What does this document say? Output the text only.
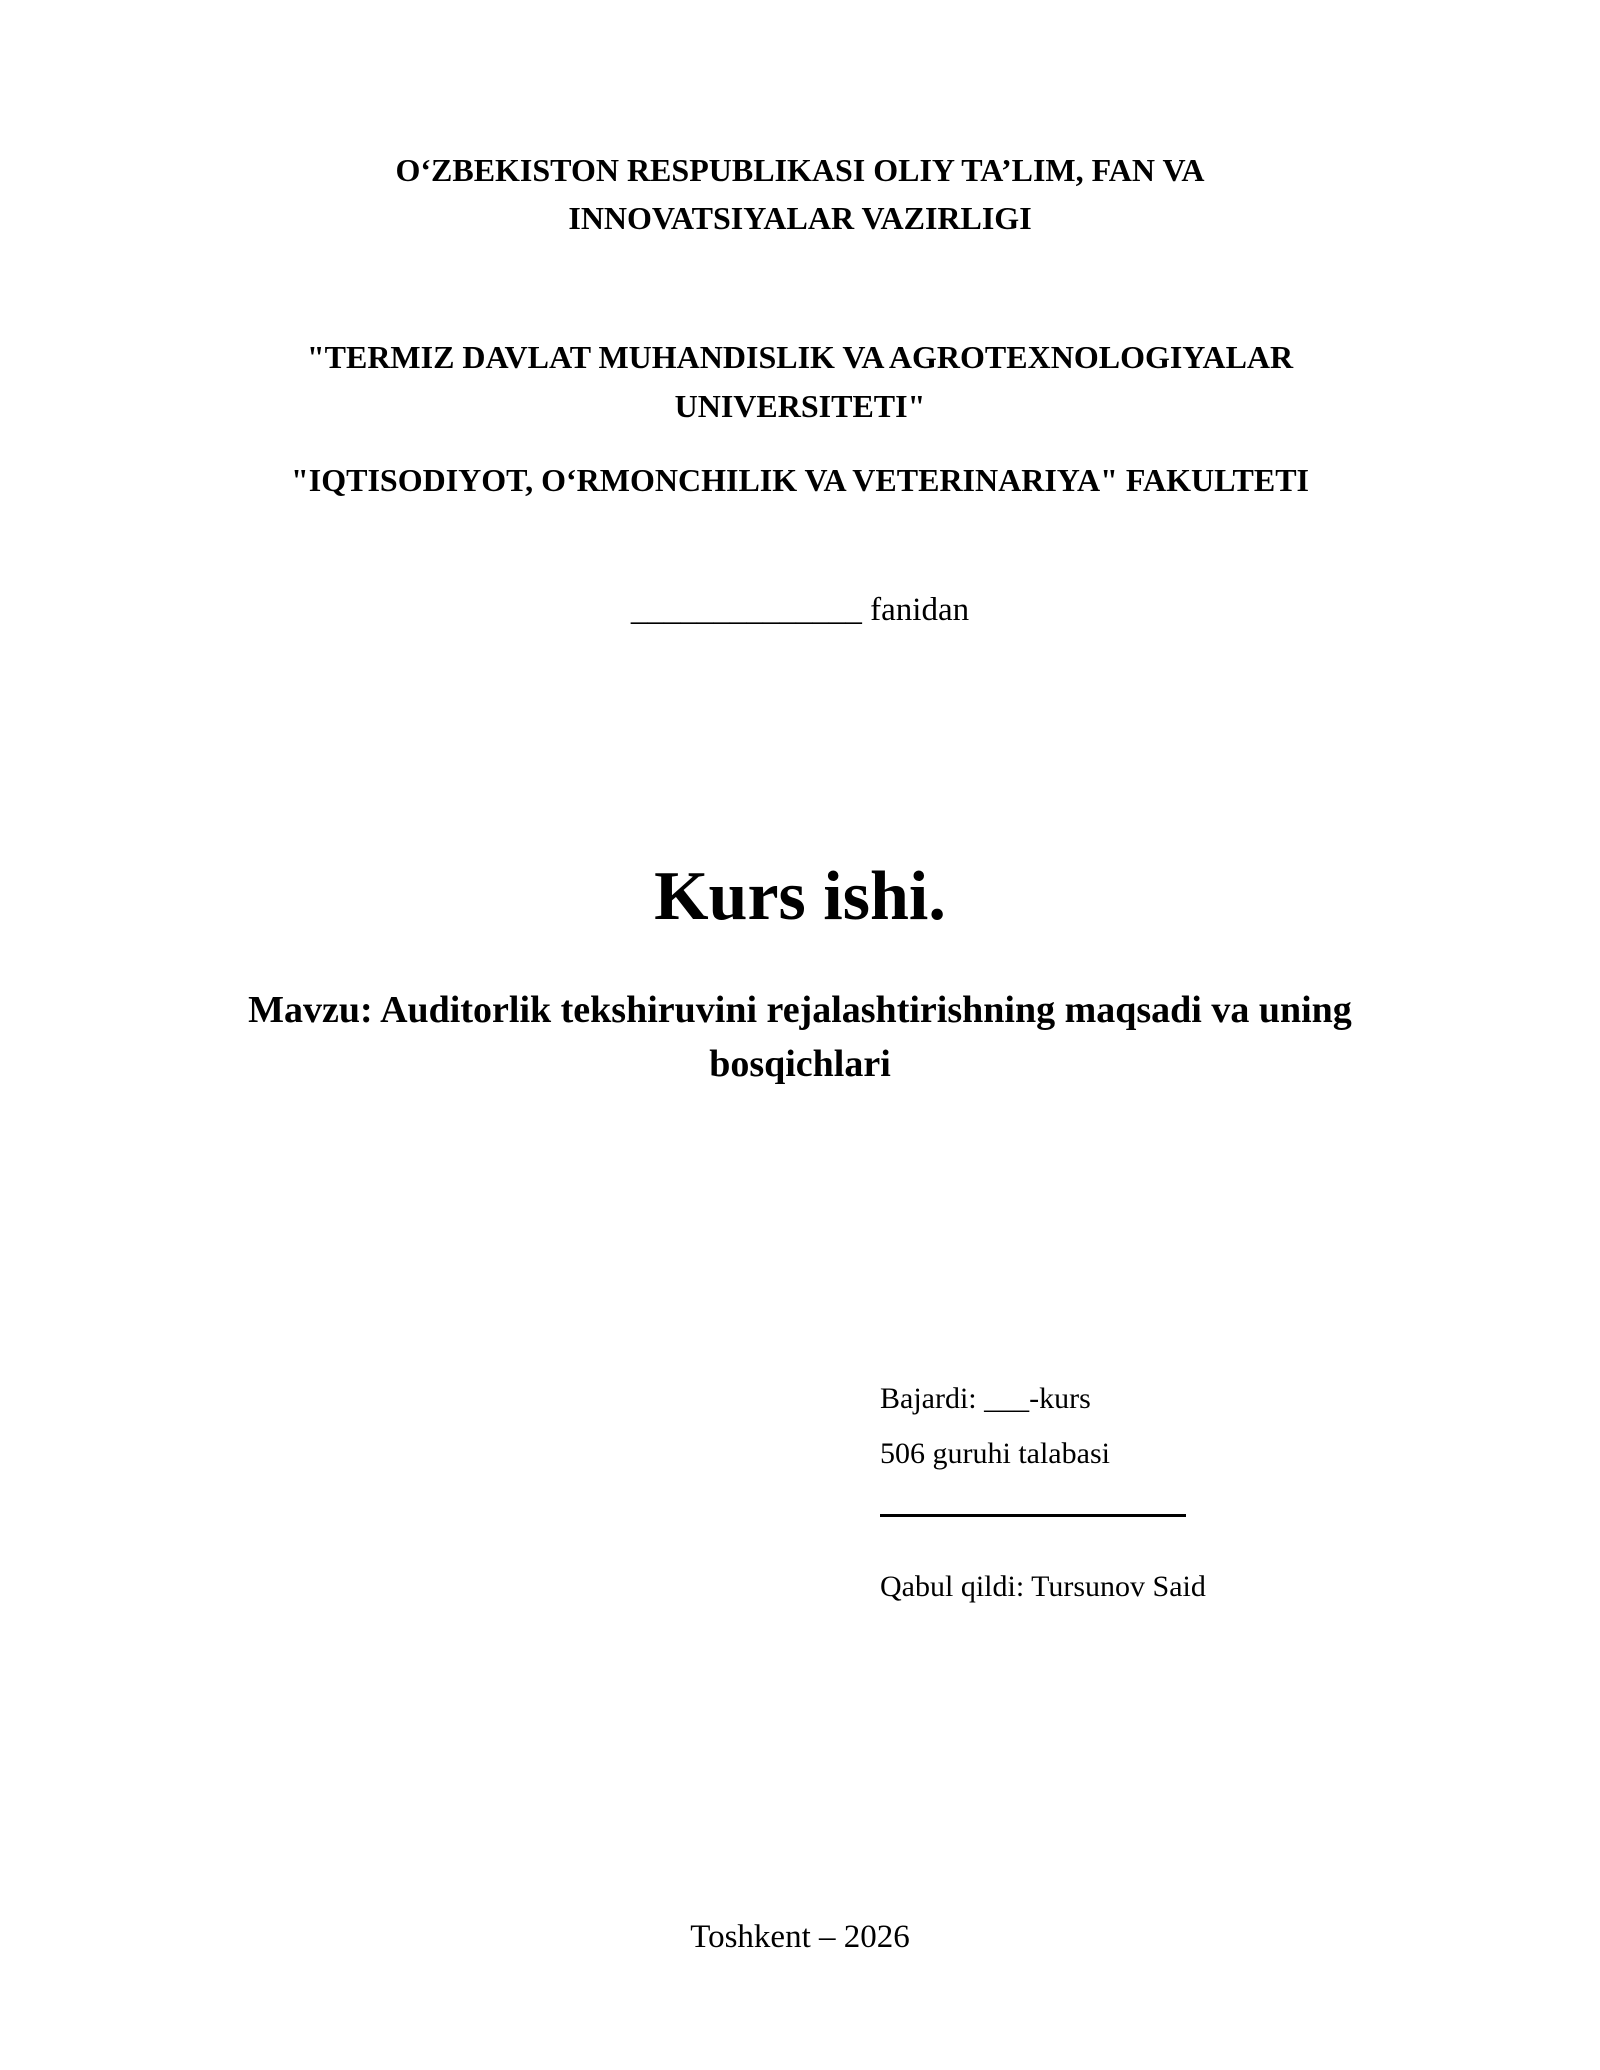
O‘ZBEKISTON RESPUBLIKASI OLIY TA’LIM, FAN VA
INNOVATSIYALAR VAZIRLIGI
"TERMIZ DAVLAT MUHANDISLIK VA AGROTEXNOLOGIYALAR
UNIVERSITETI"
"IQTISODIYOT, O‘RMONCHILIK VA VETERINARIYA" FAKULTETI
______________ fanidan
Kurs ishi.
Mavzu: Auditorlik tekshiruvini rejalashtirishning maqsadi va uning
bosqichlari
Bajardi: ___-kurs
506 guruhi talabasi
Qabul qildi: Tursunov Said
Toshkent – 2026
